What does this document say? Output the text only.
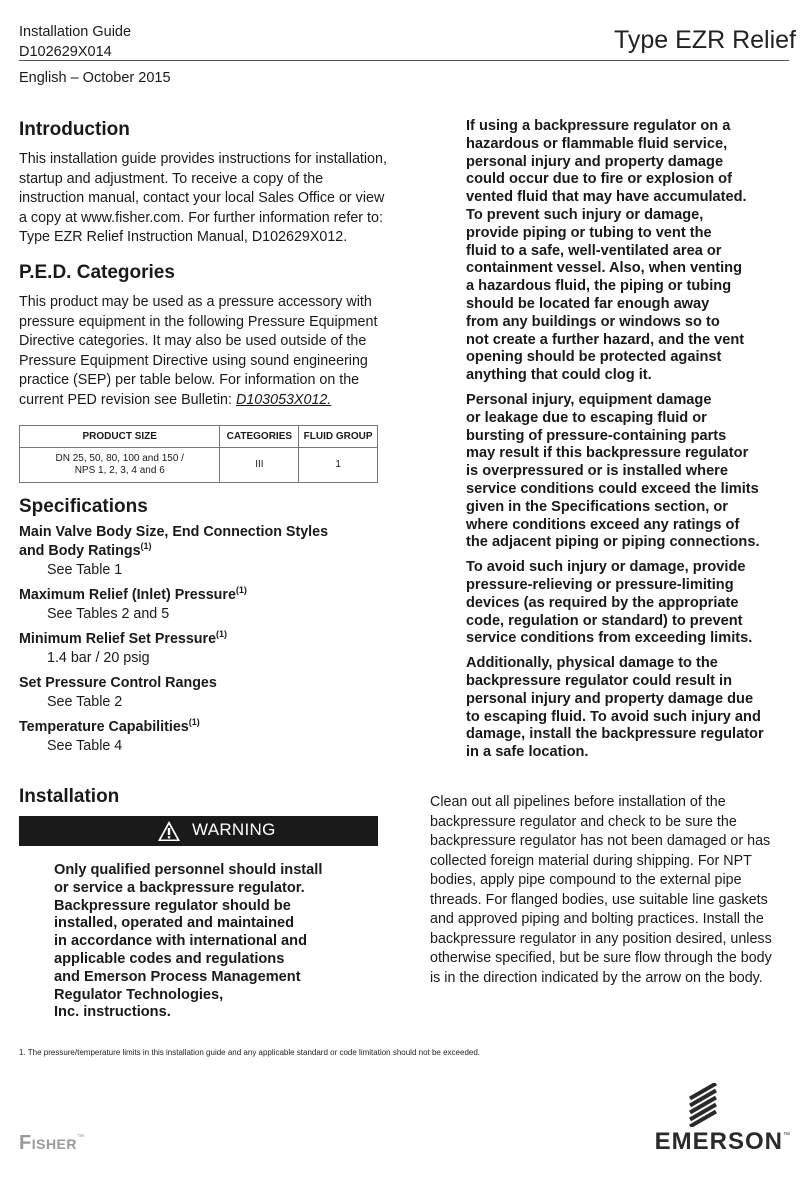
Installation Guide
D102629X014	Type EZR Relief
English – October 2015
Introduction

This installation guide provides instructions for installation,

startup and adjustment. To receive a copy of the

instruction manual, contact your local Sales Office or view

a copy at www.fisher.com. For further information refer to:

Type EZR Relief Instruction Manual, D102629X012.

P.E.D. Categories

This product may be used as a pressure accessory with

pressure equipment in the following Pressure Equipment

Directive categories. It may also be used outside of the

Pressure Equipment Directive using sound engineering

practice (SEP) per table below. For information on the

current PED revision see Bulletin: D103053X012.

PRODUCT SIZE	CATEGORIES	FLUID GROUP
DN 25, 50, 80, 100 and 150 /
NPS 1, 2, 3, 4 and 6	III	1
Specifications

Main Valve Body Size, End Connection Styles

and Body Ratings$^{(1)}$

See Table 1

Maximum Relief (Inlet) Pressure$^{(1)}$

See Tables 2 and 5

Minimum Relief Set Pressure$^{(1)}$

1.4 bar / 20 psig

Set Pressure Control Ranges

See Table 2

Temperature Capabilities$^{(1)}$

See Table 4

Installation
WARNING

Only qualified personnel should install

or service a backpressure regulator.

Backpressure regulator should be

installed, operated and maintained

in accordance with international and

applicable codes and regulations

and Emerson Process Management

Regulator Technologies,

Inc. instructions.

If using a backpressure regulator on a

hazardous or flammable fluid service,

personal injury and property damage

could occur due to fire or explosion of

vented fluid that may have accumulated.

To prevent such injury or damage,

provide piping or tubing to vent the

fluid to a safe, well-ventilated area or

containment vessel. Also, when venting

a hazardous fluid, the piping or tubing

should be located far enough away

from any buildings or windows so to

not create a further hazard, and the vent

opening should be protected against

anything that could clog it.

Personal injury, equipment damage

or leakage due to escaping fluid or

bursting of pressure-containing parts

may result if this backpressure regulator

is overpressured or is installed where

service conditions could exceed the limits

given in the Specifications section, or

where conditions exceed any ratings of

the adjacent piping or piping connections.

To avoid such injury or damage, provide

pressure-relieving or pressure-limiting

devices (as required by the appropriate

code, regulation or standard) to prevent

service conditions from exceeding limits.

Additionally, physical damage to the

backpressure regulator could result in

personal injury and property damage due

to escaping fluid. To avoid such injury and

damage, install the backpressure regulator

in a safe location.

Clean out all pipelines before installation of the

backpressure regulator and check to be sure the

backpressure regulator has not been damaged or has

collected foreign material during shipping. For NPT

bodies, apply pipe compound to the external pipe

threads. For flanged bodies, use suitable line gaskets

and approved piping and bolting practices. Install the

backpressure regulator in any position desired, unless

otherwise specified, but be sure flow through the body

is in the direction indicated by the arrow on the body.

1. The pressure/temperature limits in this installation guide and any applicable standard or code limitation should not be exceeded.
Fisher™	EMERSON™
